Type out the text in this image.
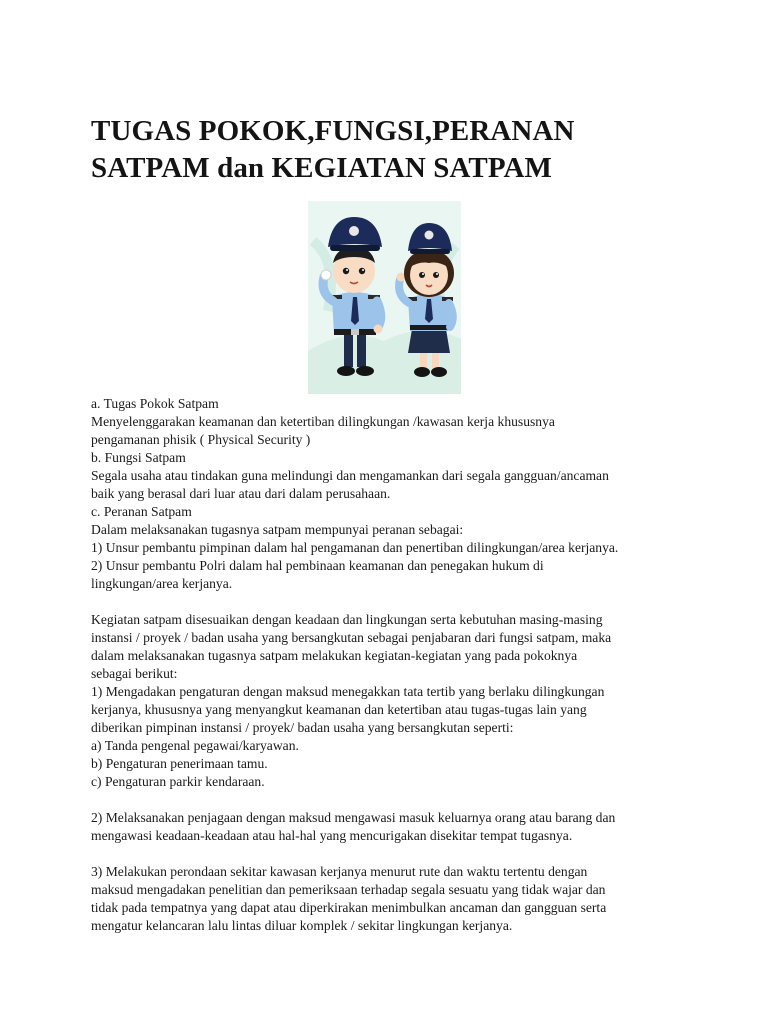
TUGAS POKOK,FUNGSI,PERANAN
SATPAM dan KEGIATAN SATPAM
a. Tugas Pokok Satpam
Menyelenggarakan keamanan dan ketertiban dilingkungan /kawasan kerja khususnya
pengamanan phisik ( Physical Security )
b. Fungsi Satpam
Segala usaha atau tindakan guna melindungi dan mengamankan dari segala gangguan/ancaman
baik yang berasal dari luar atau dari dalam perusahaan.
c. Peranan Satpam
Dalam melaksanakan tugasnya satpam mempunyai peranan sebagai:
1) Unsur pembantu pimpinan dalam hal pengamanan dan penertiban dilingkungan/area kerjanya.
2) Unsur pembantu Polri dalam hal pembinaan keamanan dan penegakan hukum di
lingkungan/area kerjanya.
Kegiatan satpam disesuaikan dengan keadaan dan lingkungan serta kebutuhan masing-masing
instansi / proyek / badan usaha yang bersangkutan sebagai penjabaran dari fungsi satpam, maka
dalam melaksanakan tugasnya satpam melakukan kegiatan-kegiatan yang pada pokoknya
sebagai berikut:
1) Mengadakan pengaturan dengan maksud menegakkan tata tertib yang berlaku dilingkungan
kerjanya, khususnya yang menyangkut keamanan dan ketertiban atau tugas-tugas lain yang
diberikan pimpinan instansi / proyek/ badan usaha yang bersangkutan seperti:
a) Tanda pengenal pegawai/karyawan.
b) Pengaturan penerimaan tamu.
c) Pengaturan parkir kendaraan.
2) Melaksanakan penjagaan dengan maksud mengawasi masuk keluarnya orang atau barang dan
mengawasi keadaan-keadaan atau hal-hal yang mencurigakan disekitar tempat tugasnya.
3) Melakukan perondaan sekitar kawasan kerjanya menurut rute dan waktu tertentu dengan
maksud mengadakan penelitian dan pemeriksaan terhadap segala sesuatu yang tidak wajar dan
tidak pada tempatnya yang dapat atau diperkirakan menimbulkan ancaman dan gangguan serta
mengatur kelancaran lalu lintas diluar komplek / sekitar lingkungan kerjanya.
